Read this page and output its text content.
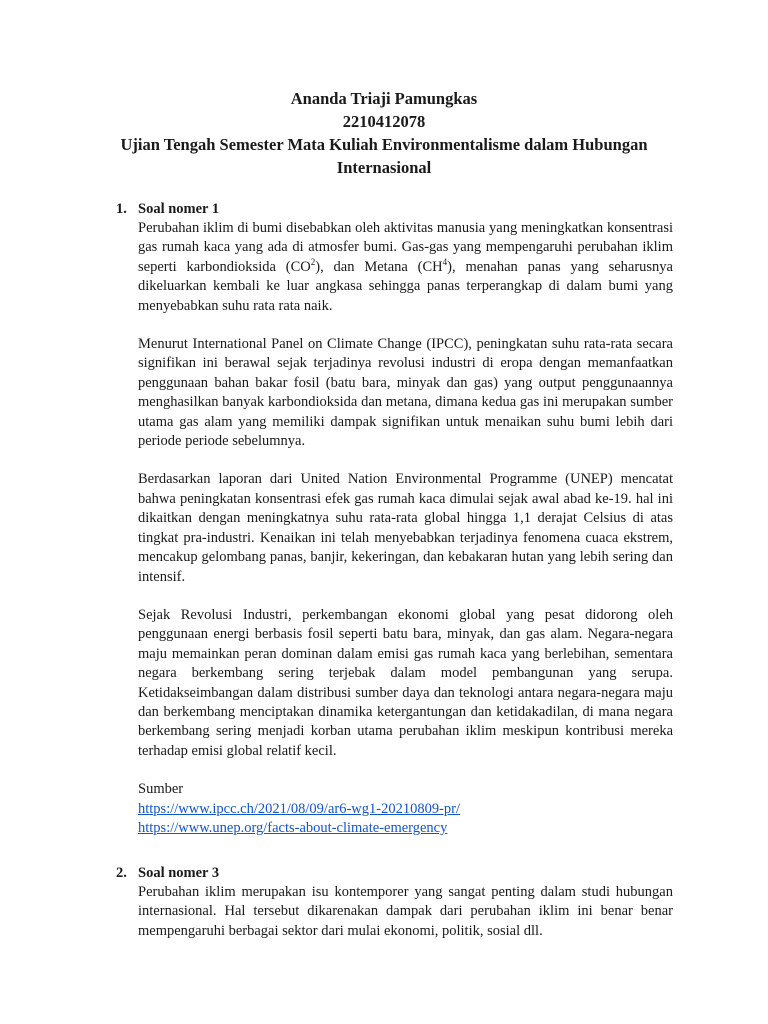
Ananda Triaji Pamungkas
2210412078
Ujian Tengah Semester Mata Kuliah Environmentalisme dalam Hubungan Internasional
1. Soal nomer 1

Perubahan iklim di bumi disebabkan oleh aktivitas manusia yang meningkatkan konsentrasi gas rumah kaca yang ada di atmosfer bumi. Gas-gas yang mempengaruhi perubahan iklim seperti karbondioksida $(CO^2)$, dan Metana $(CH^4)$, menahan panas yang seharusnya dikeluarkan kembali ke luar angkasa sehingga panas terperangkap di dalam bumi yang menyebabkan suhu rata rata naik.

Menurut International Panel on Climate Change (IPCC), peningkatan suhu rata-rata secara signifikan ini berawal sejak terjadinya revolusi industri di eropa dengan memanfaatkan penggunaan bahan bakar fosil (batu bara, minyak dan gas) yang output penggunaannya menghasilkan banyak karbondioksida dan metana, dimana kedua gas ini merupakan sumber utama gas alam yang memiliki dampak signifikan untuk menaikan suhu bumi lebih dari periode periode sebelumnya.

Berdasarkan laporan dari United Nation Environmental Programme (UNEP) mencatat bahwa peningkatan konsentrasi efek gas rumah kaca dimulai sejak awal abad ke-19. hal ini dikaitkan dengan meningkatnya suhu rata-rata global hingga 1,1 derajat Celsius di atas tingkat pra-industri. Kenaikan ini telah menyebabkan terjadinya fenomena cuaca ekstrem, mencakup gelombang panas, banjir, kekeringan, dan kebakaran hutan yang lebih sering dan intensif.

Sejak Revolusi Industri, perkembangan ekonomi global yang pesat didorong oleh penggunaan energi berbasis fosil seperti batu bara, minyak, dan gas alam. Negara-negara maju memainkan peran dominan dalam emisi gas rumah kaca yang berlebihan, sementara negara berkembang sering terjebak dalam model pembangunan yang serupa. Ketidakseimbangan dalam distribusi sumber daya dan teknologi antara negara-negara maju dan berkembang menciptakan dinamika ketergantungan dan ketidakadilan, di mana negara berkembang sering menjadi korban utama perubahan iklim meskipun kontribusi mereka terhadap emisi global relatif kecil.

Sumber
https://www.ipcc.ch/2021/08/09/ar6-wg1-20210809-pr/
https://www.unep.org/facts-about-climate-emergency
2. Soal nomer 3

Perubahan iklim merupakan isu kontemporer yang sangat penting dalam studi hubungan internasional. Hal tersebut dikarenakan dampak dari perubahan iklim ini benar benar mempengaruhi berbagai sektor dari mulai ekonomi, politik, sosial dll.
